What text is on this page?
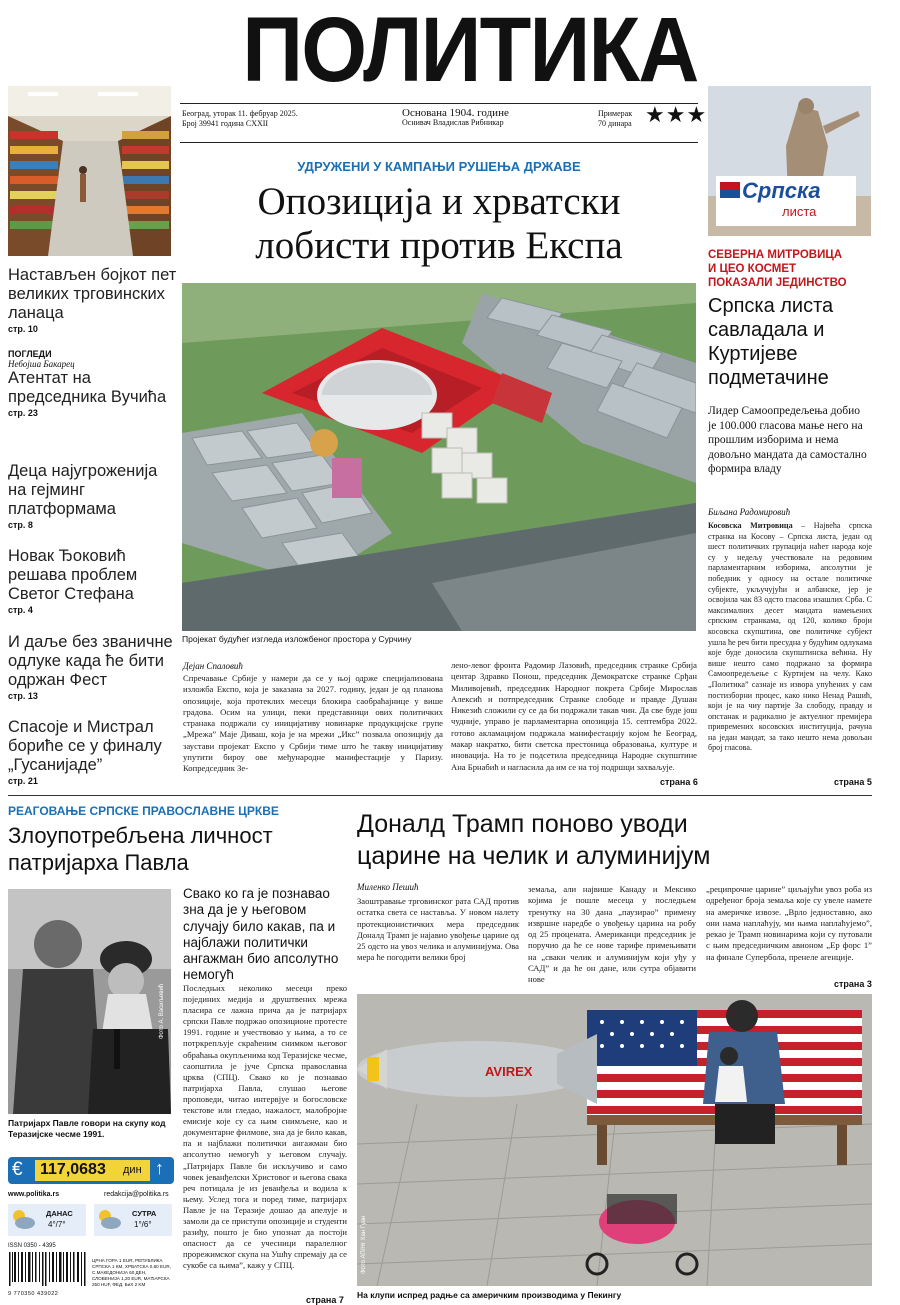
ПОЛИТИКА
Београд, уторак 11. фебруар 2025.
Број 39941 година CXXII
Основана 1904. године
Оснивач Владислав Рибникар
Примерак
70 динара ★★★
Настављен бојкот пет великих трговинских ланаца
стр. 10
ПОГЛЕДИ
Небојша Бакарец
Атентат на председника Вучића
стр. 23
Деца најугроженија на гејминг платформама
стр. 8
Новак Ђоковић решава проблем Светог Стефана
стр. 4
И даље без званичне одлуке када ће бити одржан Фест
стр. 13
Спасоје и Мистрал бориће се у финалу „Гусанијаде”
стр. 21
УДРУЖЕНИ У КАМПАЊИ РУШЕЊА ДРЖАВЕ
Опозиција и хрватски
лобисти против Експа
Пројекат будућег изгледа изложбеног простора у Сурчину
Дејан Спаловић
Спречавање Србије у намери да се у њој одрже специјализована изложба Експо, која је заказана за 2027. годину, један је од планова опозиције, која протеклих месеци блокира саобраћајнице у вишe градова. Осим на улици, пеки представници ових политичких странака подржали су иницијативу новинарке продукцијске групе „Мрежа” Маје Диваш, која је на мрежи „Икс” позвала опозицију да заустави пројекат Експо у Србији тиме што ће такву иницијативу упутити бироу ове међународне манифестације у Паризу. Копредседник Зе-
лено-левог фронта Радомир Лазовић, председник странке Србија центар Здравко Понош, председник Демократске странке Срђан Миливојевић, председник Народног покрета Србије Мирослав Алексић и потпредседник Странке слободе и правде Душан Никезић сложили су се да би подржали такав чин. Да све буде још чудније, управо је парламентарна опозиција 15. септембра 2022. готово аклaмацијом подржала манифестацију којом ће Београд, макар накратко, бити светска престоница образовања, културе и иновација. На то је подсетила председница Народне скупштине Ана Брнабић и нагласила да им се на тој подршци захваљује.
страна 6
Српска
листа
СЕВЕРНА МИТРОВИЦА
И ЦЕО КОСМЕТ
ПОКАЗАЛИ ЈЕДИНСТВО
Српска листа савладала и Куртијеве подметачине
Лидер Самоопредељења добио је 100.000 гласова мање него на прошлим изборима и нема довољно мандата да самостално формира владу
Биљана Радомировић
Косовска Митровица – Највећа српска странка на Косову – Српска листа, један од шест политичких групација наћет народа које су у недељу учествовале на редовним парламентарним изборима, апсолутни је победник у односу на остале политичке субјекте, укључујући и албанске, јер је освојила чак 83 одсто гласова изашлих Срба. С максималних десет мандата намењених српским странкама, од 120, колико броји косовска скупштина, ове политичке субјект ушла ће реч бити пресудна у будућим одлукама које буде доносила скупштинска већина. Ну више нешто само подржано за формира Самоопредељење с Куртијем на челу. Како „Политика” сазнаје из извора упућених у сам постизборни процес, како нико Ненад Рашић, који је на чиу партије За слободу, правду и опстанак и радикално је актуелног премијера привремених косовских институција, рачуна на један мандат, за тако нешто нема довољан број гласова.
страна 5
РЕАГОВАЊЕ СРПСКЕ ПРАВОСЛАВНЕ ЦРКВЕ
Злоупотребљена личност
патријарха Павла
Фото А. Васиљевић
Патријарх Павле говори на скупу код Теразијске чесме 1991.
Свако ко га је познавао зна да је у његовом случају било какав, па и најблажи политички ангажман био апсолутно немогућ
Последњих неколико месеци преко појединих медија и друштвених мрежа пласира се лажна прича да је патријарх српски Павле подржао опозиционе протесте 1991. године и учествовао у њима, а то се потркрепљује скраћеним снимком његовог обраћања окупљенима код Теразијске чесме, саопштила је јуче Српска православна црква (СПЦ). Свако ко је познавао патријарха Павла, слушао његове проповеди, читао интервјуе и богословске текстове или гледао, нажалост, малобројне емисије које су са њим снимљене, као и документарне филмове, зна да је било какав, па и најблажи политички ангажман био апсолутно немогућ у његовом случају. „Патријарх Павле би искључиво и само човек јеванђелски Христовог и његова свака реч потицала је из јеванђеља и водила к њему. Услед тога и поред тиме, патријарх Павле је на Теразије дошао да апелује и замоли да се приступи опозиције и студенти разиђу, пошто је био упознат да постоји опасност да се учесници паралелног прорежимског скупа на Ушћу спремају да се сукобе са њима”, кажу у СПЦ.
страна 7
€ 117,0683 дин ↑
www.politika.rs	redakcija@politika.rs
ДАНАС
4°/7°
СУТРА
1°/6°
ISSN 0350 - 4395
9 770350 439022
ЦРНА ГОРА 1 EUR, РЕПУБЛИКА СРПСКА 1 КМ, ХРВАТСКА 0,60 EUR, С.МАКЕДОНИЈА 60 ДЕН, СЛОВЕНИЈА 1,20 EUR, МАЂАРСКА 250 HUF, ФЕД. БиХ 2 KM
Доналд Трамп поново уводи
царине на челик и алуминијум
Миленко Пешић
Заоштравање трговинског рата САД против остатка света се наставља. У новом налету протекционистичких мера председник Доналд Трамп је најавио увођење царине од 25 одсто на увоз челика и алуминијума. Ова мера ће погодити велики број
земаља, али највише Канаду и Мексико којима је пошле месеца у последњем тренутку на 30 дана „паузирао” примену извршне наредбе о увођењу царина на робу од 25 процената. Американци председник је поручио да ће се нове тарифе примењивати на „сваки челик и алуминијум који уђу у САД” и да ће он дане, или сутра објавити нове
„реципрочне царине” циљајући увоз роба из одређеног броја земаља које су увеле намете на америчке извозе. „Врло једноставно, ако они нама наплаћују, ми њима наплаћујемо”, рекао је Трамп новинарима који су путовали с њим председничким авионом „Ер форс 1” на финале Суперболa, пренеле агенције.
страна 3
AVIREX
Фото АП/Нг Хан Гуан
На клупи испред радње са америчким производима у Пекингу
